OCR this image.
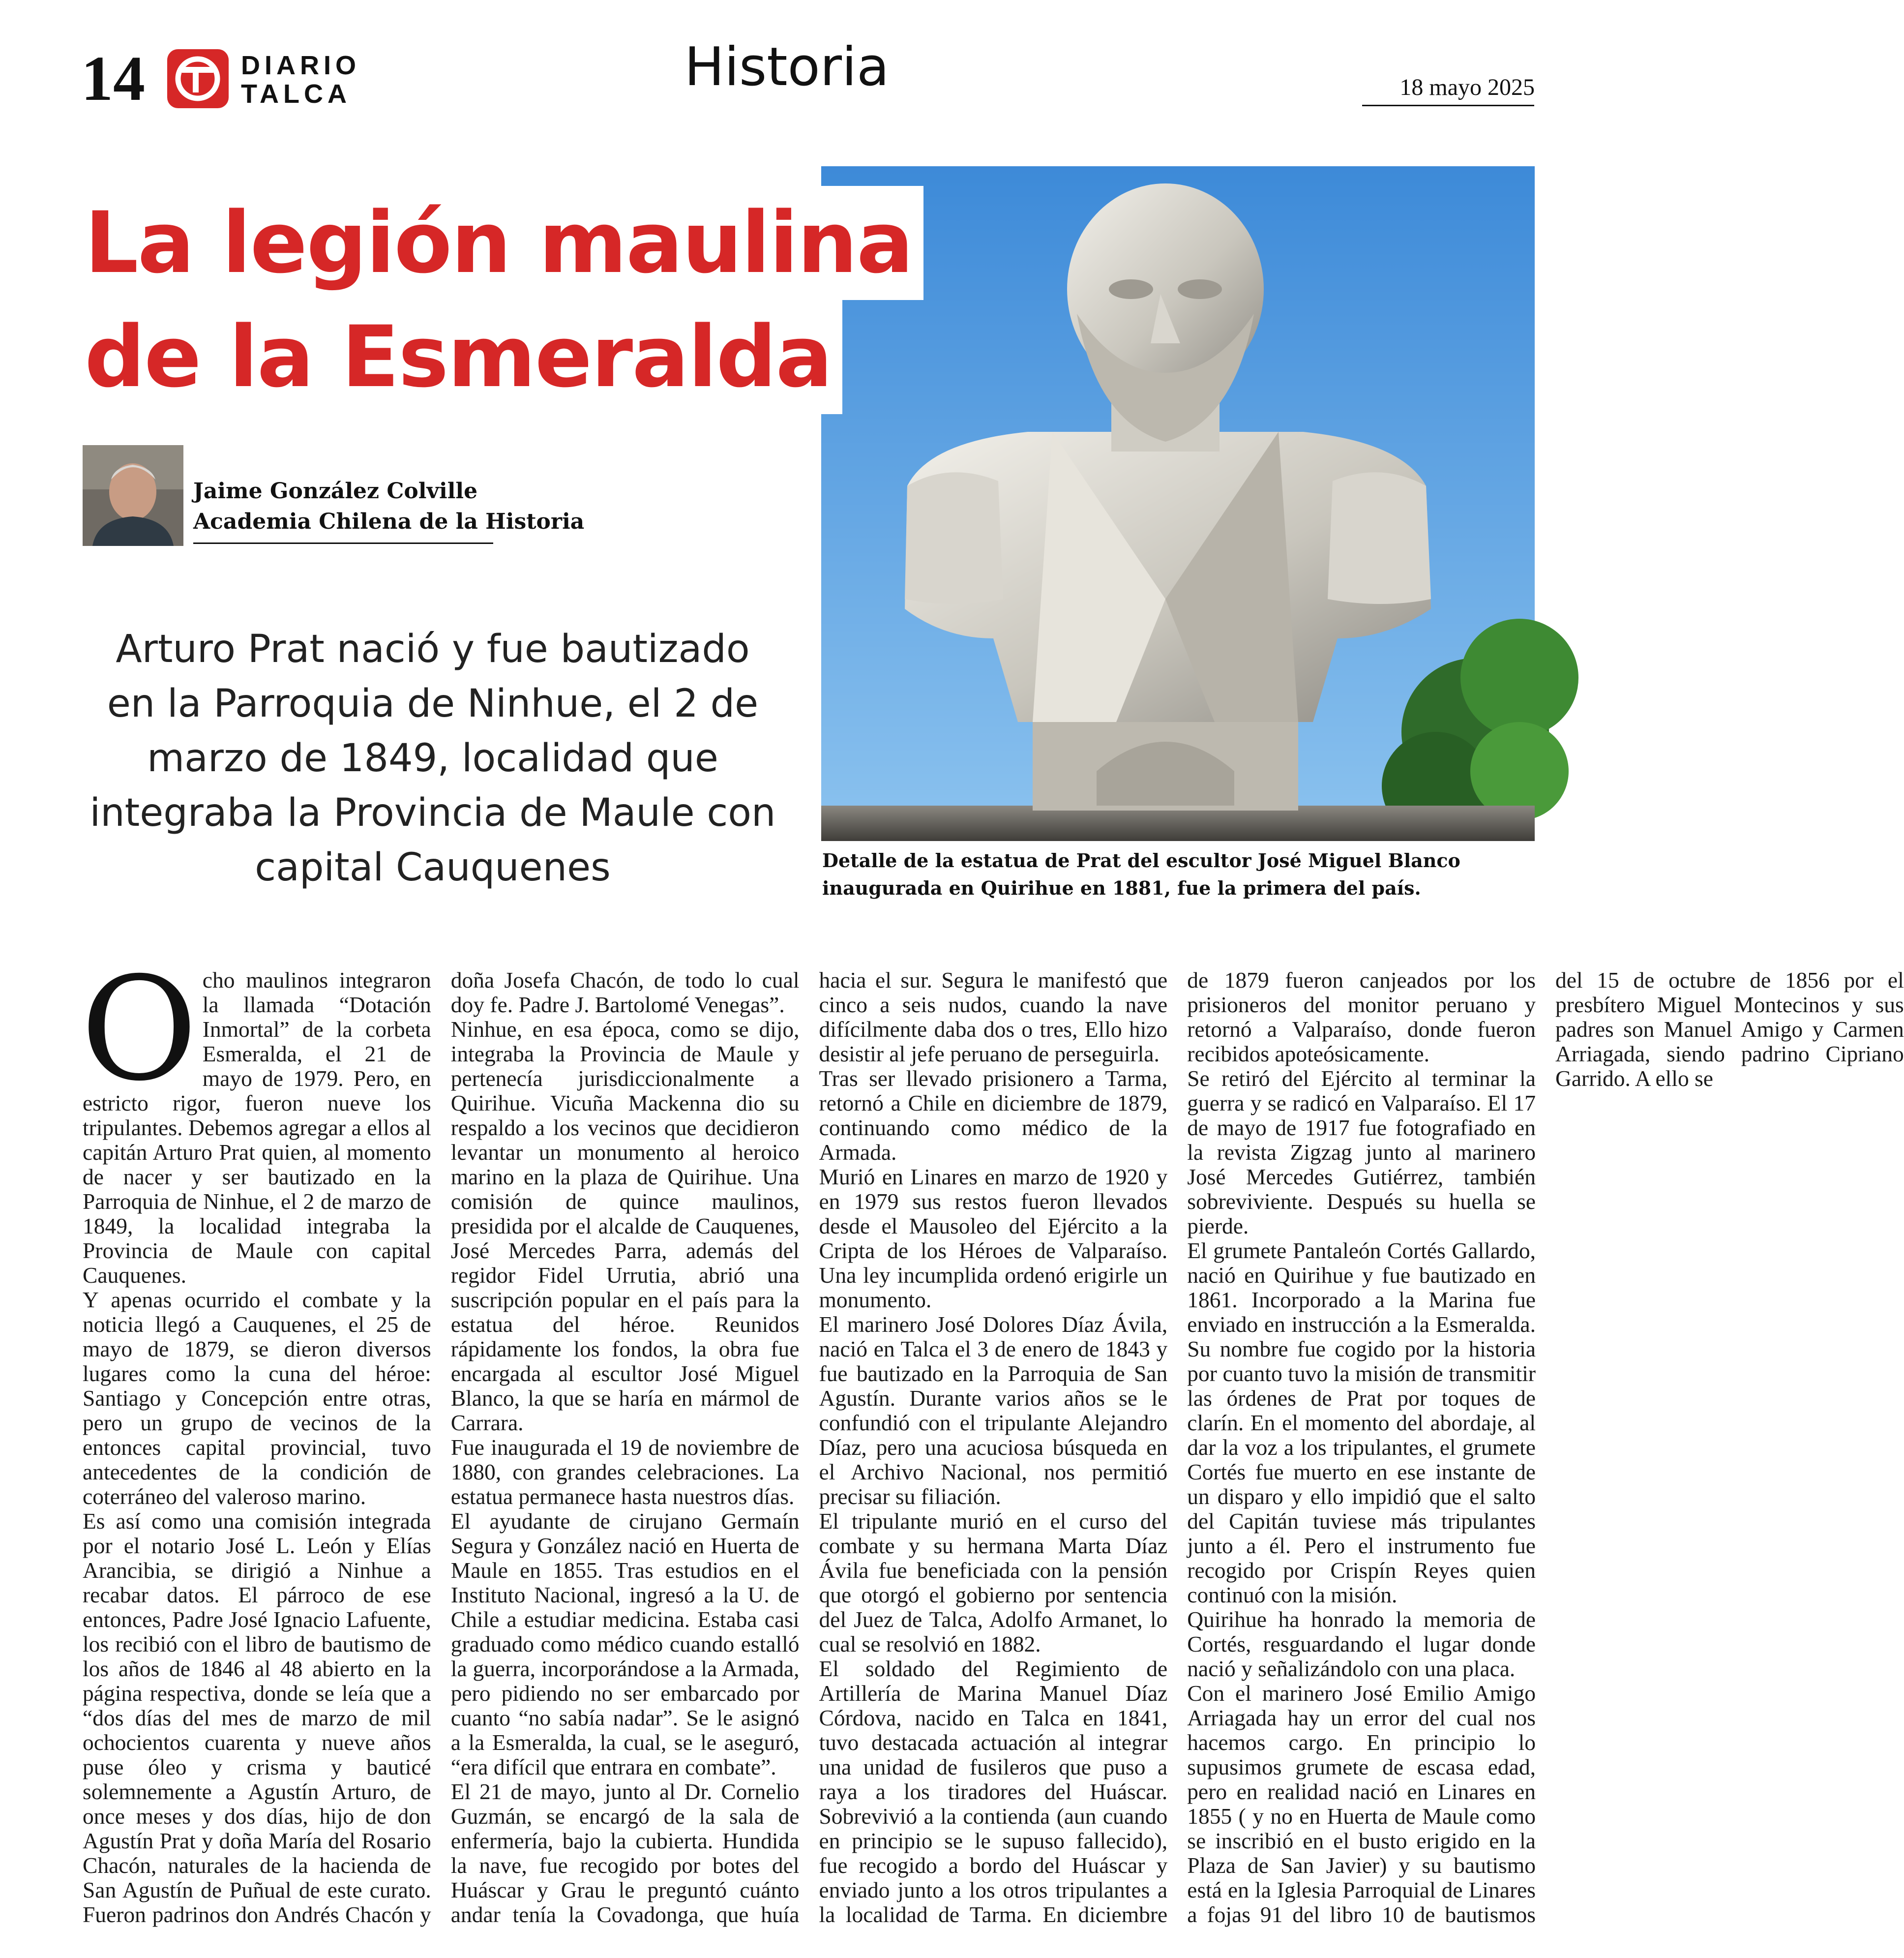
14	DIARIO
TALCA	Historia	18 mayo 2025
La legión maulina
de la Esmeralda
Jaime González Colville
Academia Chilena de la Historia
Arturo Prat nació y fue bautizado en la Parroquia de Ninhue, el 2 de marzo de 1849, localidad que integraba la Provincia de Maule con capital Cauquenes	Detalle de la estatua de Prat del escultor José Miguel Blanco inaugurada en Quirihue en 1881, fue la primera del país.

Ocho maulinos integraron la llamada “Dotación Inmortal” de la corbeta Esmeralda, el 21 de mayo de 1979. Pero, en estricto rigor, fueron nueve los tripulantes. Debemos agregar a ellos al capitán Arturo Prat quien, al momento de nacer y ser bautizado en la Parroquia de Ninhue, el 2 de marzo de 1849, la localidad integraba la Provincia de Maule con capital Cauquenes.

Y apenas ocurrido el combate y la noticia llegó a Cauquenes, el 25 de mayo de 1879, se dieron diversos lugares como la cuna del héroe: Santiago y Concepción entre otras, pero un grupo de vecinos de la entonces capital provincial, tuvo antecedentes de la condición de coterráneo del valeroso marino.

Es así como una comisión integrada por el notario José L. León y Elías Arancibia, se dirigió a Ninhue a recabar datos. El párroco de ese entonces, Padre José Ignacio Lafuente, los recibió con el libro de bautismo de los años de 1846 al 48 abierto en la página respectiva, donde se leía que a “dos días del mes de marzo de mil ochocientos cuarenta y nueve años puse óleo y crisma y bauticé solemnemente a Agustín Arturo, de once meses y dos días, hijo de don Agustín Prat y doña María del Rosario Chacón, naturales de la hacienda de San Agustín de Puñual de este curato. Fueron padrinos don Andrés Chacón y doña Josefa Chacón, de todo lo cual doy fe. Padre J. Bartolomé Venegas”.

Ninhue, en esa época, como se dijo, integraba la Provincia de Maule y pertenecía jurisdiccionalmente a Quirihue. Vicuña Mackenna dio su respaldo a los vecinos que decidieron levantar un monumento al heroico marino en la plaza de Quirihue. Una comisión de quince maulinos, presidida por el alcalde de Cauquenes, José Mercedes Parra, además del regidor Fidel Urrutia, abrió una suscripción popular en el país para la estatua del héroe. Reunidos rápidamente los fondos, la obra fue encargada al escultor José Miguel Blanco, la que se haría en mármol de Carrara.

Fue inaugurada el 19 de noviembre de 1880, con grandes celebraciones. La estatua permanece hasta nuestros días.

El ayudante de cirujano Germaín Segura y González nació en Huerta de Maule en 1855. Tras estudios en el Instituto Nacional, ingresó a la U. de Chile a estudiar medicina. Estaba casi graduado como médico cuando estalló la guerra, incorporándose a la Armada, pero pidiendo no ser embarcado por cuanto “no sabía nadar”. Se le asignó a la Esmeralda, la cual, se le aseguró, “era difícil que entrara en combate”.

El 21 de mayo, junto al Dr. Cornelio Guzmán, se encargó de la sala de enfermería, bajo la cubierta. Hundida la nave, fue recogido por botes del Huáscar y Grau le preguntó cuánto andar tenía la Covadonga, que huía hacia el sur. Segura le manifestó que cinco a seis nudos, cuando la nave difícilmente daba dos o tres, Ello hizo desistir al jefe peruano de perseguirla.

Tras ser llevado prisionero a Tarma, retornó a Chile en diciembre de 1879, continuando como médico de la Armada.

Murió en Linares en marzo de 1920 y en 1979 sus restos fueron llevados desde el Mausoleo del Ejército a la Cripta de los Héroes de Valparaíso. Una ley incumplida ordenó erigirle un monumento.

El marinero José Dolores Díaz Ávila, nació en Talca el 3 de enero de 1843 y fue bautizado en la Parroquia de San Agustín. Durante varios años se le confundió con el tripulante Alejandro Díaz, pero una acuciosa búsqueda en el Archivo Nacional, nos permitió precisar su filiación.

El tripulante murió en el curso del combate y su hermana Marta Díaz Ávila fue beneficiada con la pensión que otorgó el gobierno por sentencia del Juez de Talca, Adolfo Armanet, lo cual se resolvió en 1882.

El soldado del Regimiento de Artillería de Marina Manuel Díaz Córdova, nacido en Talca en 1841, tuvo destacada actuación al integrar una unidad de fusileros que puso a raya a los tiradores del Huáscar. Sobrevivió a la contienda (aun cuando en principio se le supuso fallecido), fue recogido a bordo del Huáscar y enviado junto a los otros tripulantes a la localidad de Tarma. En diciembre de 1879 fueron canjeados por los prisioneros del monitor peruano y retornó a Valparaíso, donde fueron recibidos apoteósicamente.

Se retiró del Ejército al terminar la guerra y se radicó en Valparaíso. El 17 de mayo de 1917 fue fotografiado en la revista Zigzag junto al marinero José Mercedes Gutiérrez, también sobreviviente. Después su huella se pierde.

El grumete Pantaleón Cortés Gallardo, nació en Quirihue y fue bautizado en 1861. Incorporado a la Marina fue enviado en instrucción a la Esmeralda. Su nombre fue cogido por la historia por cuanto tuvo la misión de transmitir las órdenes de Prat por toques de clarín. En el momento del abordaje, al dar la voz a los tripulantes, el grumete Cortés fue muerto en ese instante de un disparo y ello impidió que el salto del Capitán tuviese más tripulantes junto a él. Pero el instrumento fue recogido por Crispín Reyes quien continuó con la misión.

Quirihue ha honrado la memoria de Cortés, resguardando el lugar donde nació y señalizándolo con una placa.

Con el marinero José Emilio Amigo Arriagada hay un error del cual nos hacemos cargo. En principio lo supusimos grumete de escasa edad, pero en realidad nació en Linares en 1855 ( y no en Huerta de Maule como se inscribió en el busto erigido en la Plaza de San Javier) y su bautismo está en la Iglesia Parroquial de Linares a fojas 91 del libro 10 de bautismos del 15 de octubre de 1856 por el presbítero Miguel Montecinos y sus padres son Manuel Amigo y Carmen Arriagada, siendo padrino Cipriano Garrido. A ello se
